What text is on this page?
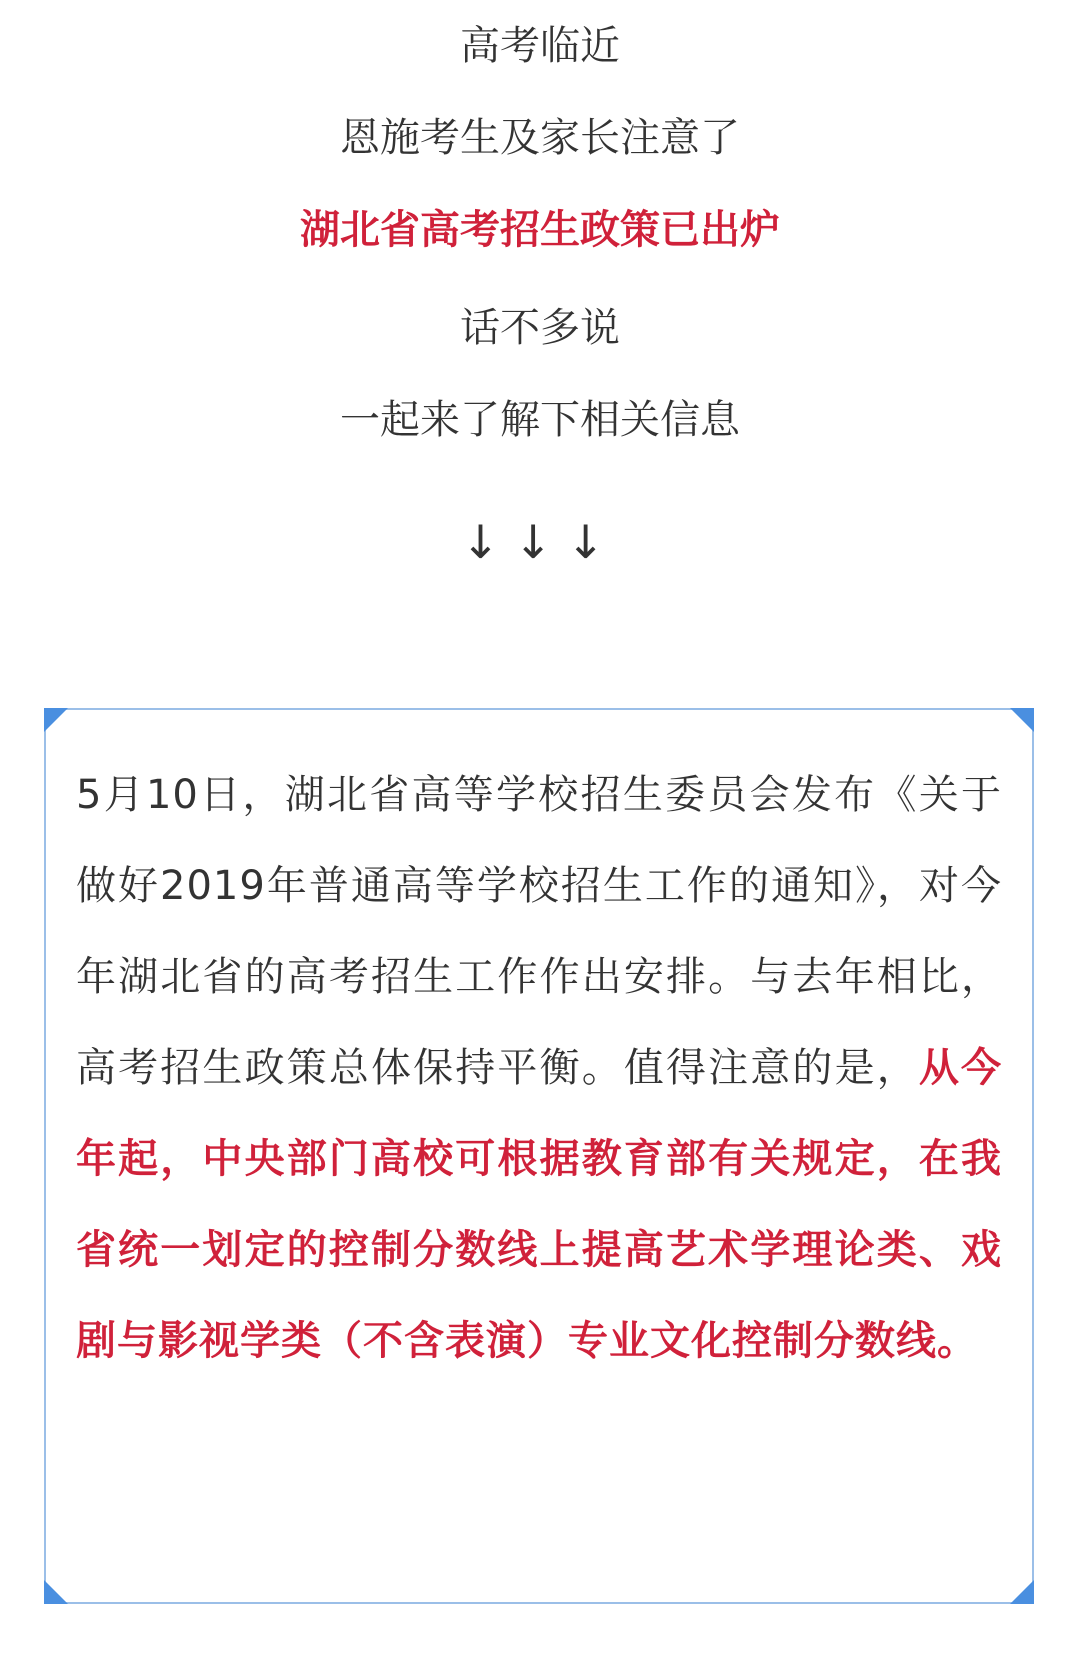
高考临近
恩施考生及家长注意了
湖北省高考招生政策已出炉
话不多说
一起来了解下相关信息
↓↓↓
5月10日，湖北省高等学校招生委员会发布《关于做好2019年普通高等学校招生工作的通知》，对今年湖北省的高考招生工作作出安排。与去年相比，高考招生政策总体保持平衡。值得注意的是，从今年起，中央部门高校可根据教育部有关规定，在我省统一划定的控制分数线上提高艺术学理论类、戏剧与影视学类（不含表演）专业文化控制分数线。
